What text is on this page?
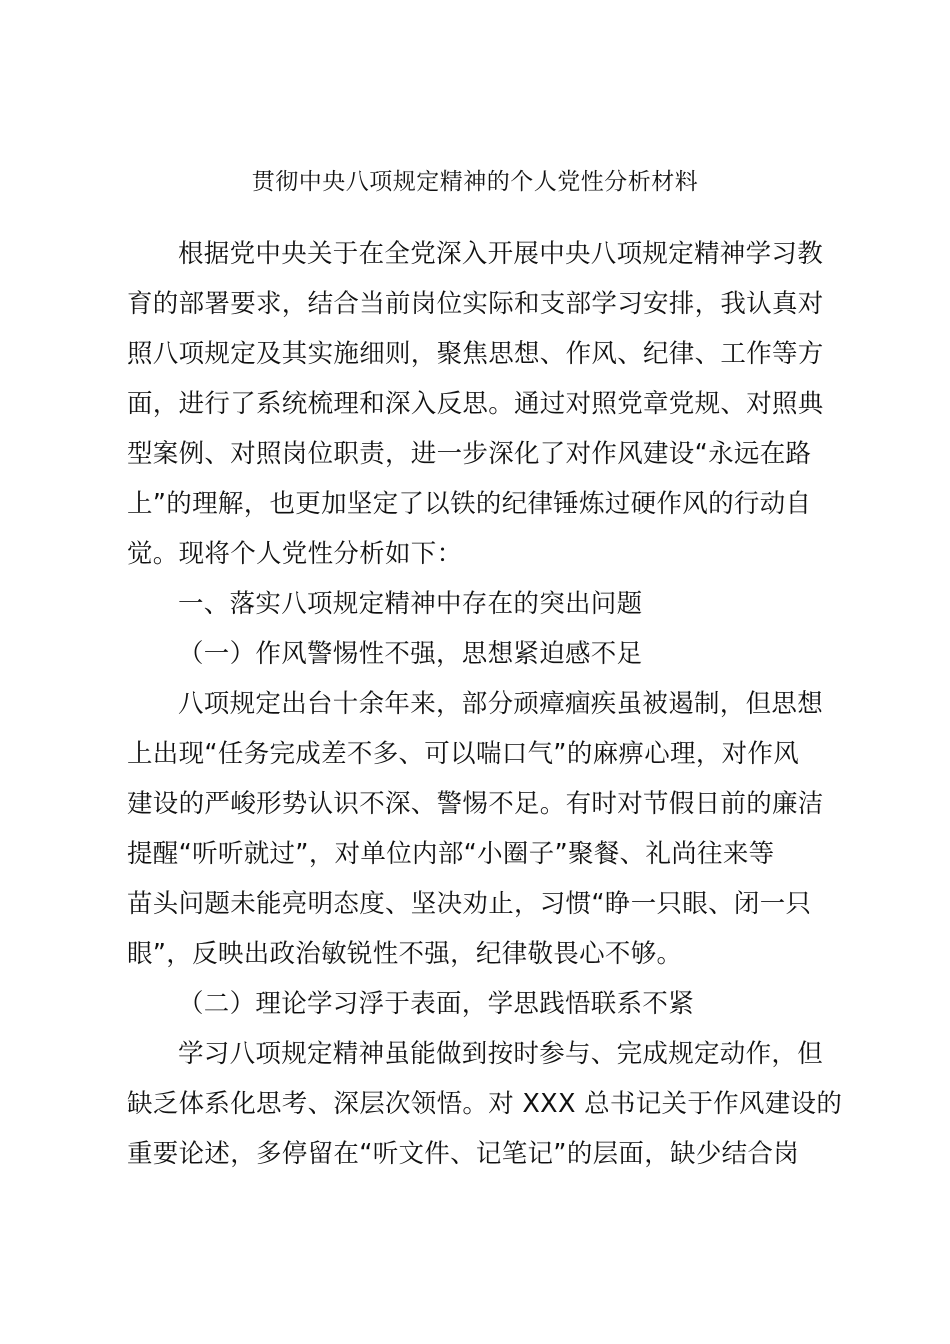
贯彻中央八项规定精神的个人党性分析材料
根据党中央关于在全党深入开展中央八项规定精神学习教
育的部署要求，结合当前岗位实际和支部学习安排，我认真对
照八项规定及其实施细则，聚焦思想、作风、纪律、工作等方
面，进行了系统梳理和深入反思。通过对照党章党规、对照典
型案例、对照岗位职责，进一步深化了对作风建设“永远在路
上”的理解，也更加坚定了以铁的纪律锤炼过硬作风的行动自
觉。现将个人党性分析如下：
一、落实八项规定精神中存在的突出问题
（一）作风警惕性不强，思想紧迫感不足
八项规定出台十余年来，部分顽瘴痼疾虽被遏制，但思想
上出现“任务完成差不多、可以喘口气”的麻痹心理，对作风
建设的严峻形势认识不深、警惕不足。有时对节假日前的廉洁
提醒“听听就过”，对单位内部“小圈子”聚餐、礼尚往来等
苗头问题未能亮明态度、坚决劝止，习惯“睁一只眼、闭一只
眼”，反映出政治敏锐性不强，纪律敬畏心不够。
（二）理论学习浮于表面，学思践悟联系不紧
学习八项规定精神虽能做到按时参与、完成规定动作，但
缺乏体系化思考、深层次领悟。对 XXX 总书记关于作风建设的
重要论述，多停留在“听文件、记笔记”的层面，缺少结合岗
